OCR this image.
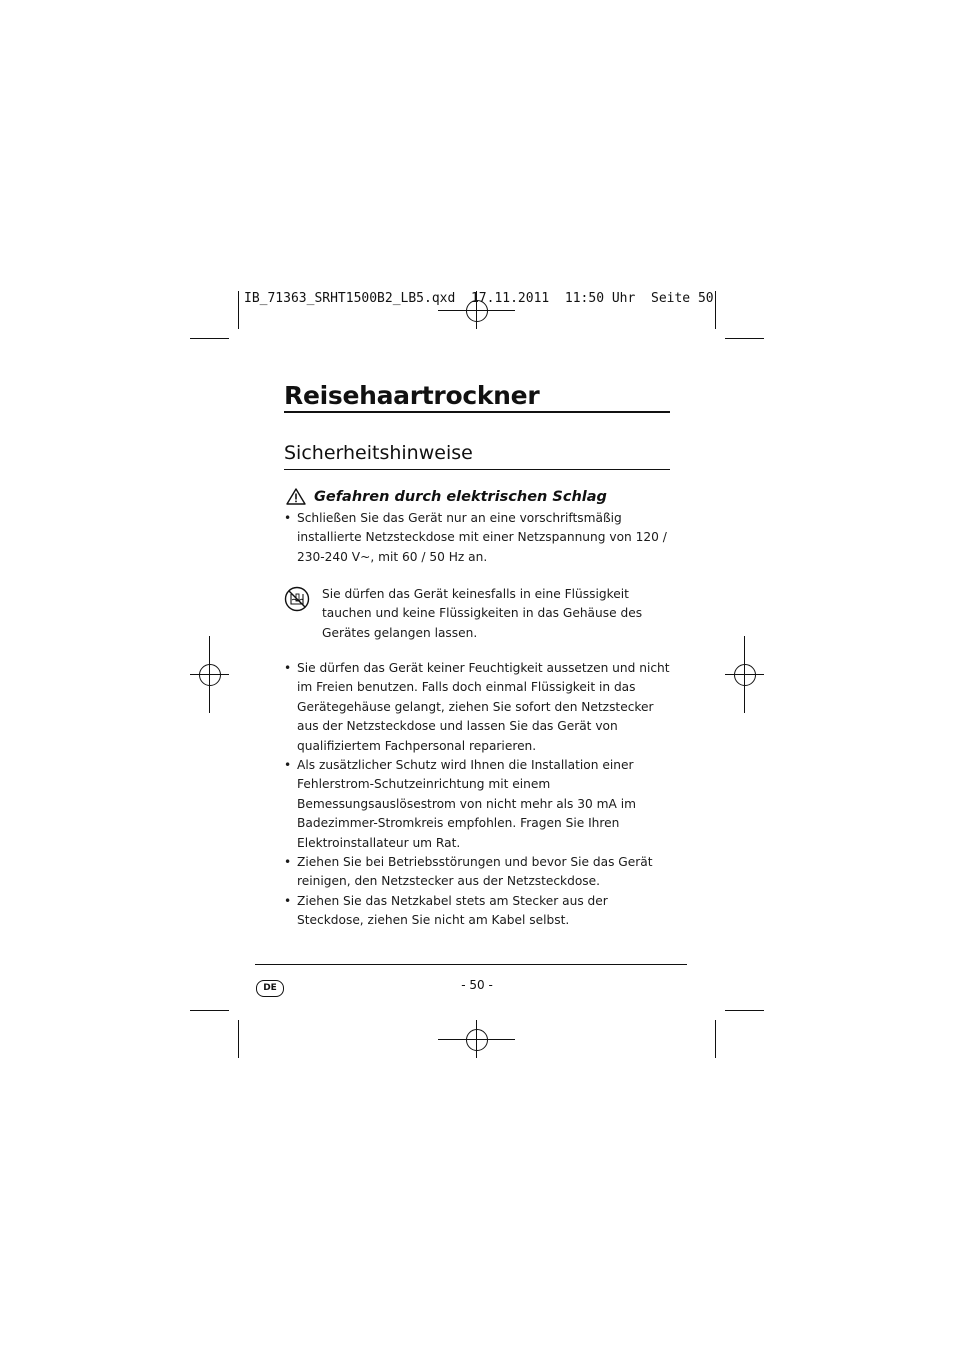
IB_71363_SRHT1500B2_LB5.qxd  17.11.2011  11:50 Uhr  Seite 50
Reisehaartrockner
Sicherheitshinweise
Gefahren durch elektrischen Schlag
• Schließen Sie das Gerät nur an eine vorschriftsmäßig installierte Netzsteckdose mit einer Netzspannung von 120 / 230-240 V~, mit 60 / 50 Hz an.
Sie dürfen das Gerät keinesfalls in eine Flüssigkeit tauchen und keine Flüssigkeiten in das Gehäuse des Gerätes gelangen lassen.
• Sie dürfen das Gerät keiner Feuchtigkeit aussetzen und nicht im Freien benutzen. Falls doch einmal Flüssigkeit in das Gerätegehäuse gelangt, ziehen Sie sofort den Netzstecker aus der Netzsteckdose und lassen Sie das Gerät von qualifiziertem Fachpersonal reparieren.
• Als zusätzlicher Schutz wird Ihnen die Installation einer Fehlerstrom-Schutzeinrichtung mit einem Bemessungsauslösestrom von nicht mehr als 30 mA im Badezimmer-Stromkreis empfohlen. Fragen Sie Ihren Elektroinstallateur um Rat.
• Ziehen Sie bei Betriebsstörungen und bevor Sie das Gerät reinigen, den Netzstecker aus der Netzsteckdose.
• Ziehen Sie das Netzkabel stets am Stecker aus der Steckdose, ziehen Sie nicht am Kabel selbst.
DE	- 50 -
